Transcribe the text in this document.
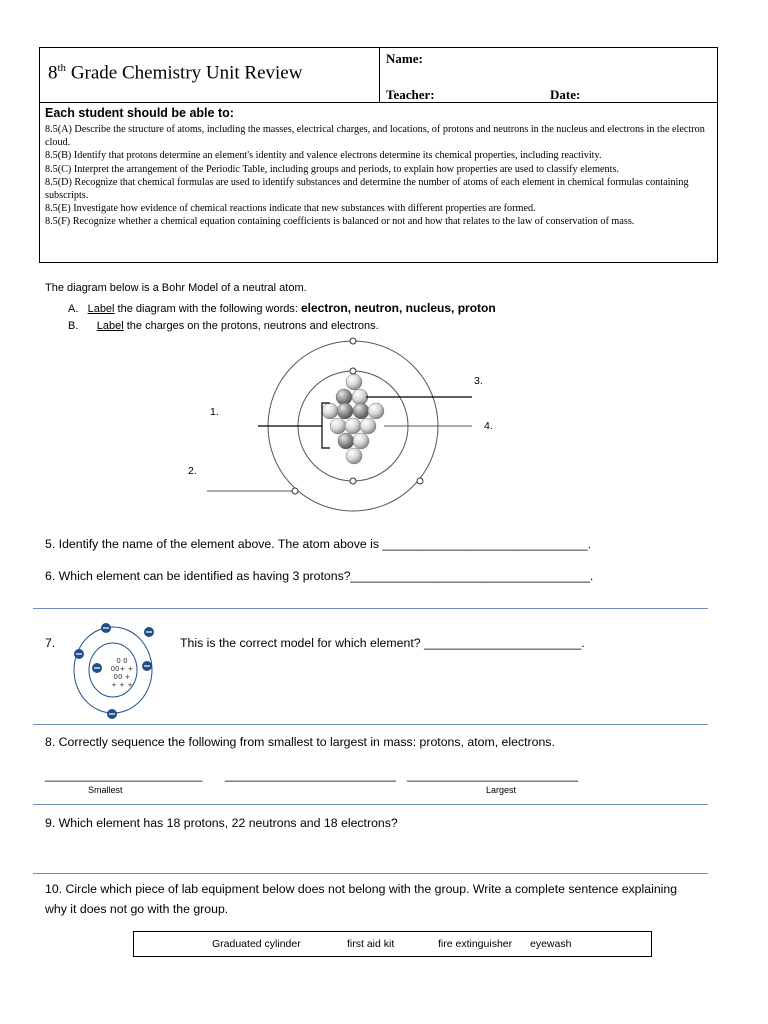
8th Grade Chemistry Unit Review
Name:
Teacher:	Date:
Each student should be able to:

8.5(A) Describe the structure of atoms, including the masses, electrical charges, and locations, of protons and neutrons in the nucleus and electrons in the electron cloud.

8.5(B) Identify that protons determine an element's identity and valence electrons determine its chemical properties, including reactivity.

8.5(C) Interpret the arrangement of the Periodic Table, including groups and periods, to explain how properties are used to classify elements.

8.5(D) Recognize that chemical formulas are used to identify substances and determine the number of atoms of each element in chemical formulas containing subscripts.

8.5(E) Investigate how evidence of chemical reactions indicate that new substances with different properties are formed.

8.5(F) Recognize whether a chemical equation containing coefficients is balanced or not and how that relates to the law of conservation of mass.

The diagram below is a Bohr Model of a neutral atom.
A. Label the diagram with the following words: electron, neutron, nucleus, proton
B. Label the charges on the protons, neutrons and electrons.
1.
2.
3.
4.
5. Identify the name of the element above. The atom above is ______________________________.
6. Which element can be identified as having 3 protons?___________________________________.
7.
0 0
00+ +
00 +
+ + +
This is the correct model for which element? _______________________.
8. Correctly sequence the following from smallest to largest in mass: protons, atom, electrons.
_______________________ _________________________ _________________________
Smallest	Largest
9. Which element has 18 protons, 22 neutrons and 18 electrons?
10. Circle which piece of lab equipment below does not belong with the group. Write a complete sentence explaining
why it does not go with the group.
Graduated cylinder	first aid kit	fire extinguisher eyewash
